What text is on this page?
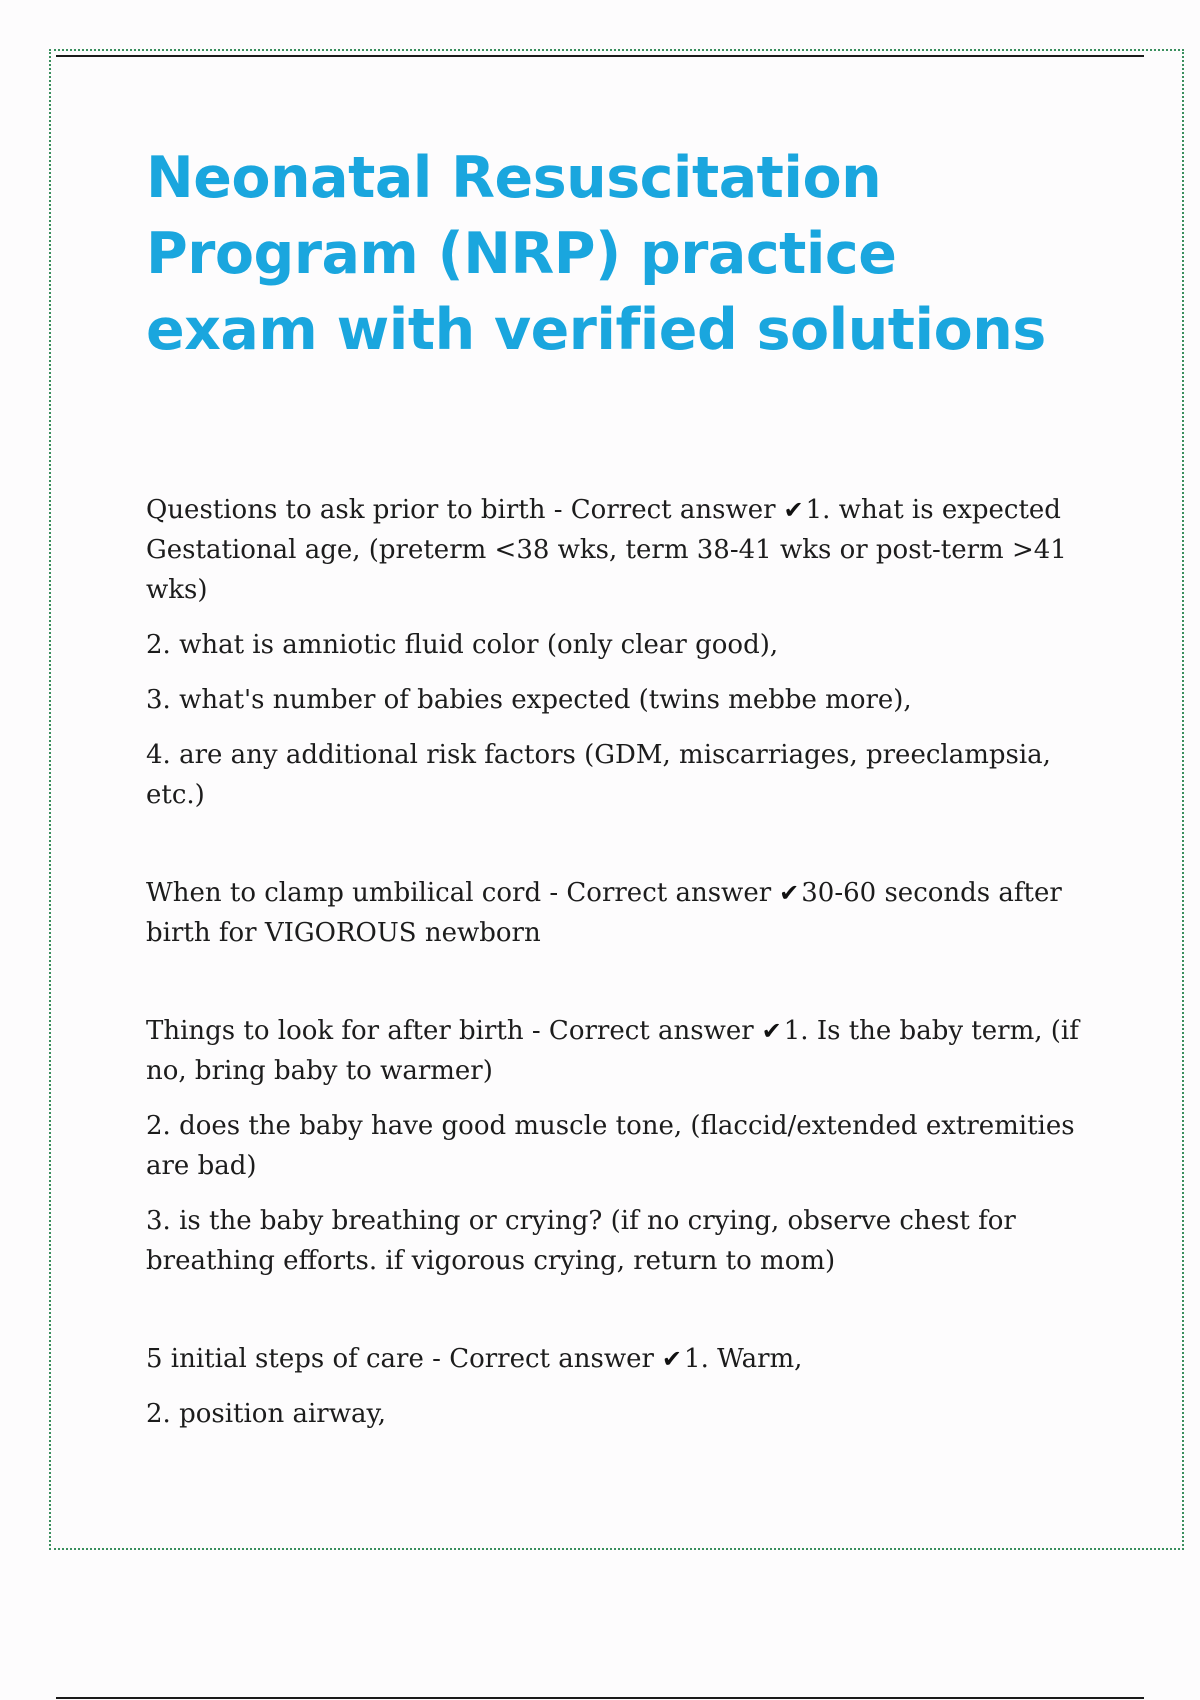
Neonatal Resuscitation Program (NRP) practice exam with verified solutions

Questions to ask prior to birth - Correct answer ✔1. what is expected Gestational age, (preterm <38 wks, term 38-41 wks or post-term >41 wks)

2. what is amniotic fluid color (only clear good),

3. what's number of babies expected (twins mebbe more),

4. are any additional risk factors (GDM, miscarriages, preeclampsia, etc.)

When to clamp umbilical cord - Correct answer ✔30-60 seconds after birth for VIGOROUS newborn

Things to look for after birth - Correct answer ✔1. Is the baby term, (if no, bring baby to warmer)

2. does the baby have good muscle tone, (flaccid/extended extremities are bad)

3. is the baby breathing or crying? (if no crying, observe chest for breathing efforts. if vigorous crying, return to mom)

5 initial steps of care - Correct answer ✔1. Warm,

2. position airway,
